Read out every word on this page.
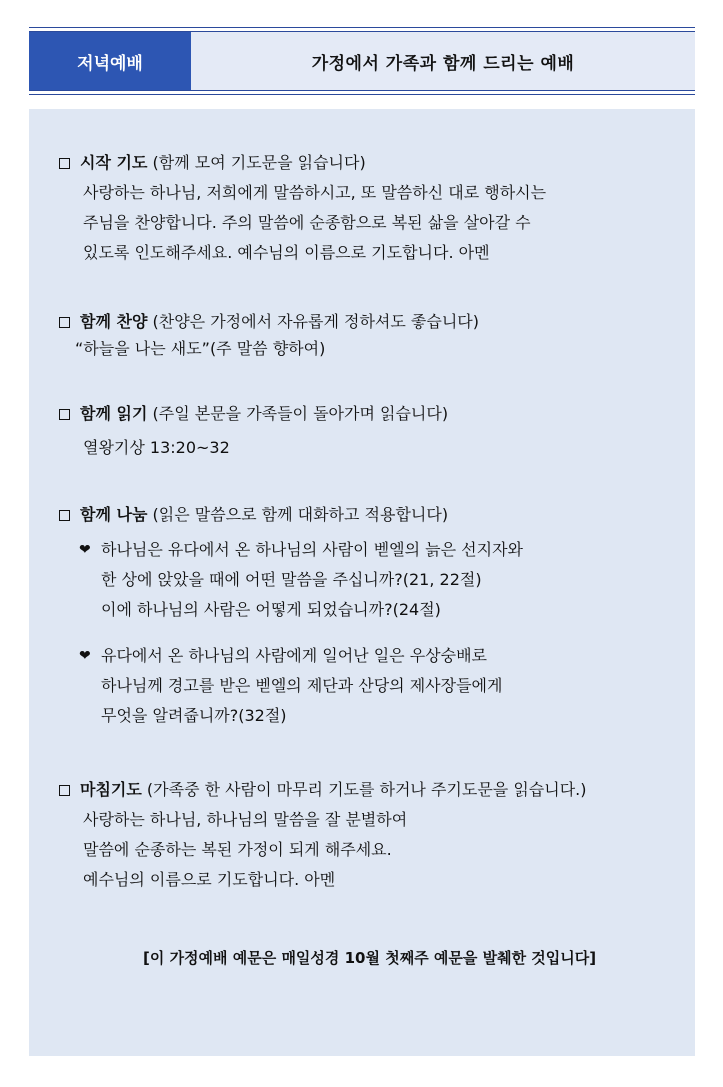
저녁예배	가정에서 가족과 함께 드리는 예배
시작 기도 (함께 모여 기도문을 읽습니다)
사랑하는 하나님, 저희에게 말씀하시고, 또 말씀하신 대로 행하시는
주님을 찬양합니다. 주의 말씀에 순종함으로 복된 삶을 살아갈 수
있도록 인도해주세요. 예수님의 이름으로 기도합니다. 아멘
함께 찬양 (찬양은 가정에서 자유롭게 정하셔도 좋습니다)
“하늘을 나는 새도”(주 말씀 향하여)
함께 읽기 (주일 본문을 가족들이 돌아가며 읽습니다)
열왕기상 13:20~32
함께 나눔 (읽은 말씀으로 함께 대화하고 적용합니다)
❤ 하나님은 유다에서 온 하나님의 사람이 벧엘의 늙은 선지자와
한 상에 앉았을 때에 어떤 말씀을 주십니까?(21, 22절)
이에 하나님의 사람은 어떻게 되었습니까?(24절)
❤ 유다에서 온 하나님의 사람에게 일어난 일은 우상숭배로
하나님께 경고를 받은 벧엘의 제단과 산당의 제사장들에게
무엇을 알려줍니까?(32절)
마침기도 (가족중 한 사람이 마무리 기도를 하거나 주기도문을 읽습니다.)
사랑하는 하나님, 하나님의 말씀을 잘 분별하여
말씀에 순종하는 복된 가정이 되게 해주세요.
예수님의 이름으로 기도합니다. 아멘
[이 가정예배 예문은 매일성경 10월 첫째주 예문을 발췌한 것입니다]
